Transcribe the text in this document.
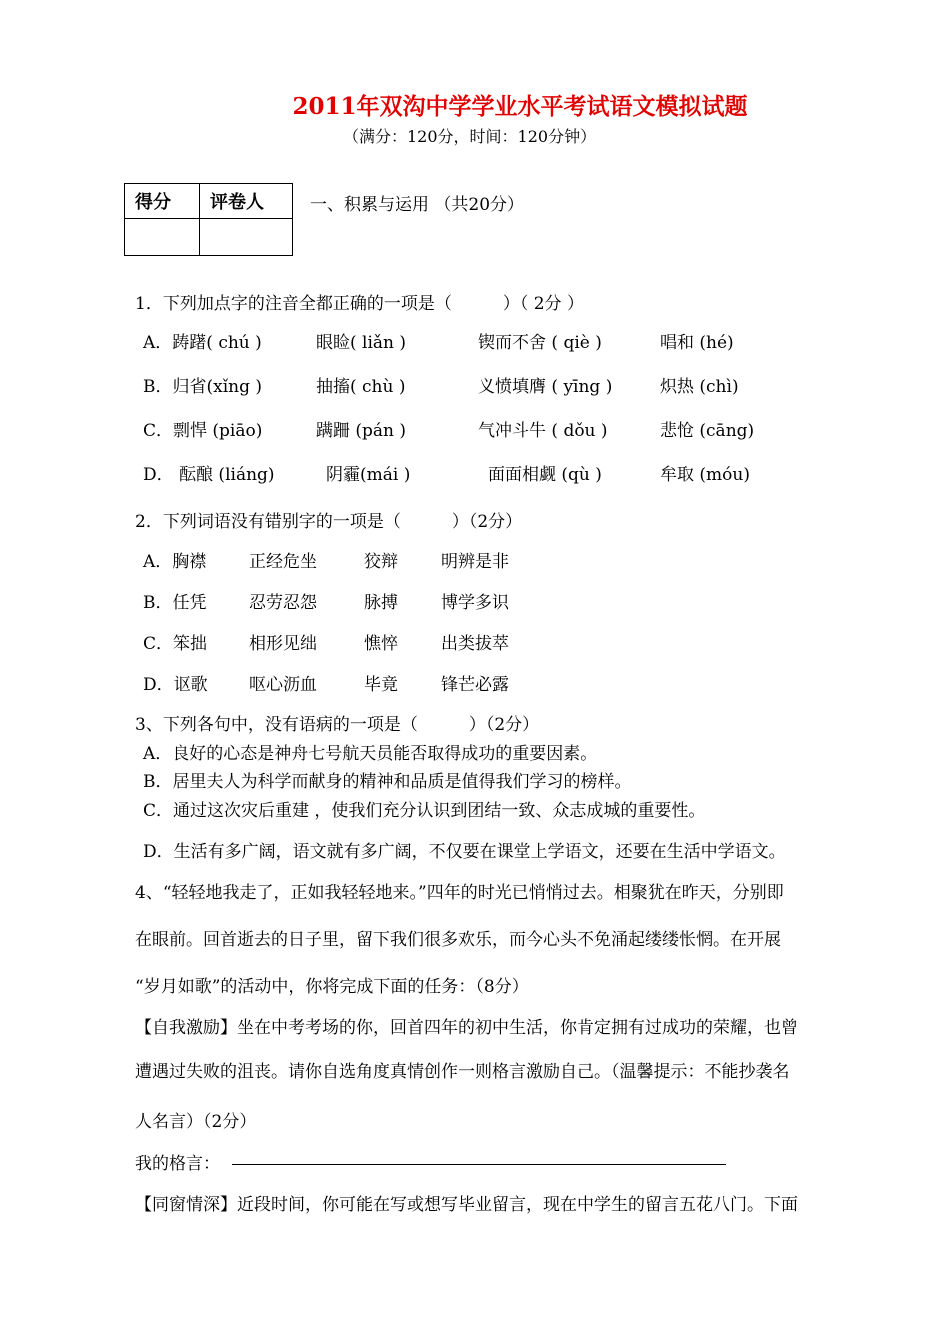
2011年双沟中学学业水平考试语文模拟试题
（满分：120分，时间：120分钟）
得分	评卷人
		一、积累与运用 （共20分）
1．下列加点字的注音全都正确的一项是（　　　）（ 2分 ）
A．踌躇( chú )	眼睑( liǎn )	锲而不舍 ( qiè )	唱和 (hé)
B．归省(xǐng )	抽搐( chù )	义愤填膺 ( yīng )	炽热 (chì)
C．剽悍 (piāo)	蹒跚 (pán )	气冲斗牛 ( dǒu )	悲怆 (cāng)
D． 酝酿 (liáng)	阴霾(mái )	面面相觑 (qù )	牟取 (móu)
2．下列词语没有错别字的一项是（　　　）（2分）
A．胸襟	正经危坐	狡辩	明辨是非
B．任凭	忍劳忍怨	脉搏	博学多识
C．笨拙 相形见绌	憔悴	出类拔萃
D．讴歌 呕心沥血	毕竟	锋芒必露
3、下列各句中，没有语病的一项是（　　　）（2分）
A．良好的心态是神舟七号航天员能否取得成功的重要因素。
B．居里夫人为科学而献身的精神和品质是值得我们学习的榜样。
C．通过这次灾后重建 ，使我们充分认识到团结一致、众志成城的重要性。
D．生活有多广阔，语文就有多广阔，不仅要在课堂上学语文，还要在生活中学语文。
4、“轻轻地我走了，正如我轻轻地来。”四年的时光已悄悄过去。相聚犹在昨天，分别即
在眼前。回首逝去的日子里，留下我们很多欢乐，而今心头不免涌起缕缕怅惘。在开展
“岁月如歌”的活动中，你将完成下面的任务：（8分）
【自我激励】坐在中考考场的你，回首四年的初中生活，你肯定拥有过成功的荣耀，也曾
遭遇过失败的沮丧。请你自选角度真情创作一则格言激励自己。（温馨提示：不能抄袭名
人名言）（2分）
我的格言：
【同窗情深】近段时间，你可能在写或想写毕业留言，现在中学生的留言五花八门。下面
